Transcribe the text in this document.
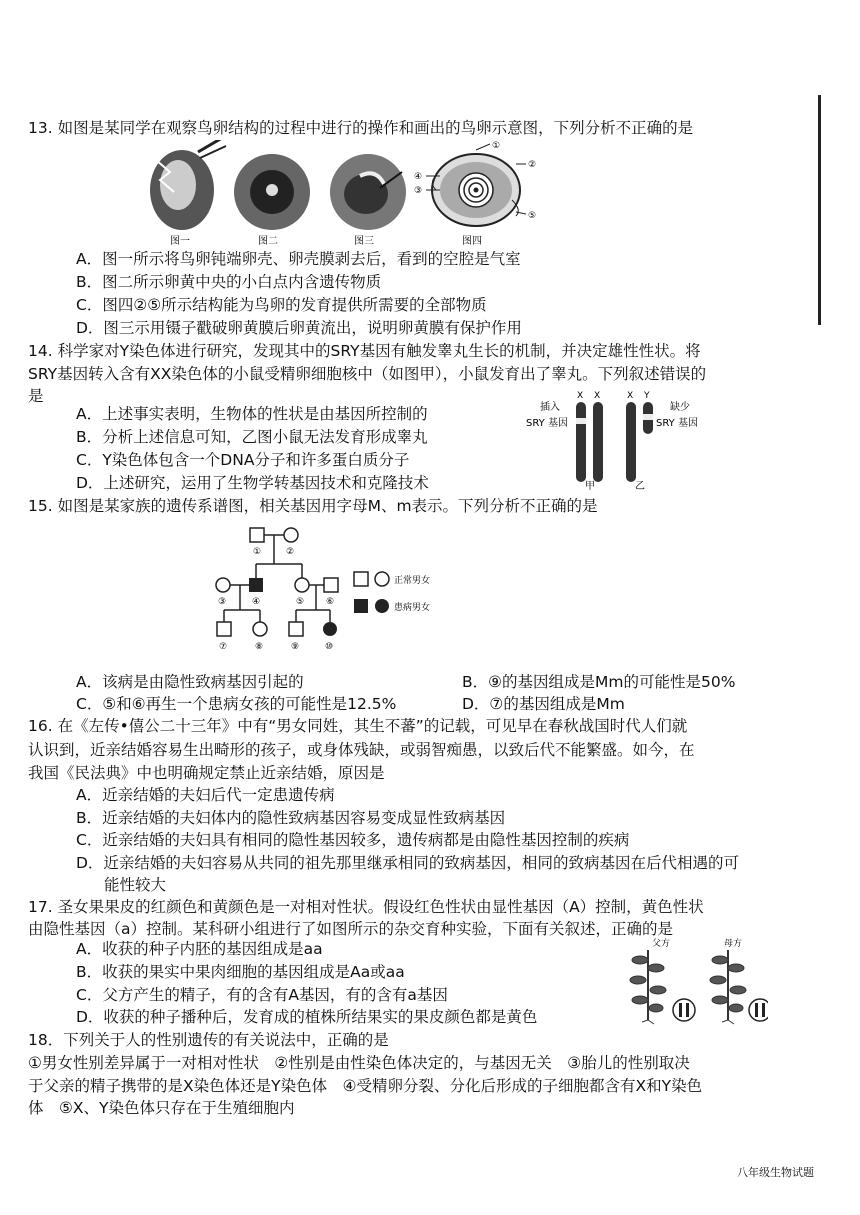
13. 如图是某同学在观察鸟卵结构的过程中进行的操作和画出的鸟卵示意图，下列分析不正确的是
图一	图二	图三
①
②
④
③
⑤
图四
A．图一所示将鸟卵钝端卵壳、卵壳膜剥去后，看到的空腔是气室
B．图二所示卵黄中央的小白点内含遗传物质
C．图四②⑤所示结构能为鸟卵的发育提供所需要的全部物质
D．图三示用镊子戳破卵黄膜后卵黄流出，说明卵黄膜有保护作用
14. 科学家对Y染色体进行研究，发现其中的SRY基因有触发睾丸生长的机制，并决定雄性性状。将
SRY基因转入含有XX染色体的小鼠受精卵细胞核中（如图甲），小鼠发育出了睾丸。下列叙述错误的
是
A．上述事实表明，生物体的性状是由基因所控制的
B．分析上述信息可知，乙图小鼠无法发育形成睾丸
C．Y染色体包含一个DNA分子和许多蛋白质分子
D．上述研究，运用了生物学转基因技术和克隆技术
插入
SRY 基因
X X
甲
X Y
缺少
SRY 基因
乙
15. 如图是某家族的遗传系谱图，相关基因用字母M、m表示。下列分析不正确的是
①	②
③	④	⑤ ⑥
⑦	⑧	⑨	⑩
正常男女
患病男女
A．该病是由隐性致病基因引起的	B．⑨的基因组成是Mm的可能性是50%
C．⑤和⑥再生一个患病女孩的可能性是12.5%	D．⑦的基因组成是Mm
16. 在《左传•僖公二十三年》中有“男女同姓，其生不蕃”的记载，可见早在春秋战国时代人们就
认识到，近亲结婚容易生出畸形的孩子，或身体残缺，或弱智痴愚，以致后代不能繁盛。如今，在
我国《民法典》中也明确规定禁止近亲结婚，原因是
A．近亲结婚的夫妇后代一定患遗传病
B．近亲结婚的夫妇体内的隐性致病基因容易变成显性致病基因
C．近亲结婚的夫妇具有相同的隐性基因较多，遗传病都是由隐性基因控制的疾病
D．近亲结婚的夫妇容易从共同的祖先那里继承相同的致病基因，相同的致病基因在后代相遇的可
能性较大
17. 圣女果果皮的红颜色和黄颜色是一对相对性状。假设红色性状由显性基因（A）控制，黄色性状
由隐性基因（a）控制。某科研小组进行了如图所示的杂交育种实验，下面有关叙述，正确的是
A．收获的种子内胚的基因组成是aa
B．收获的果实中果肉细胞的基因组成是Aa或aa
C．父方产生的精子，有的含有A基因，有的含有a基因
D．收获的种子播种后，发育成的植株所结果实的果皮颜色都是黄色
父方	母方
18．下列关于人的性别遗传的有关说法中，正确的是
①男女性别差异属于一对相对性状　②性别是由性染色体决定的，与基因无关　③胎儿的性别取决
于父亲的精子携带的是X染色体还是Y染色体　④受精卵分裂、分化后形成的子细胞都含有X和Y染色
体　⑤X、Y染色体只存在于生殖细胞内
八年级生物试题
